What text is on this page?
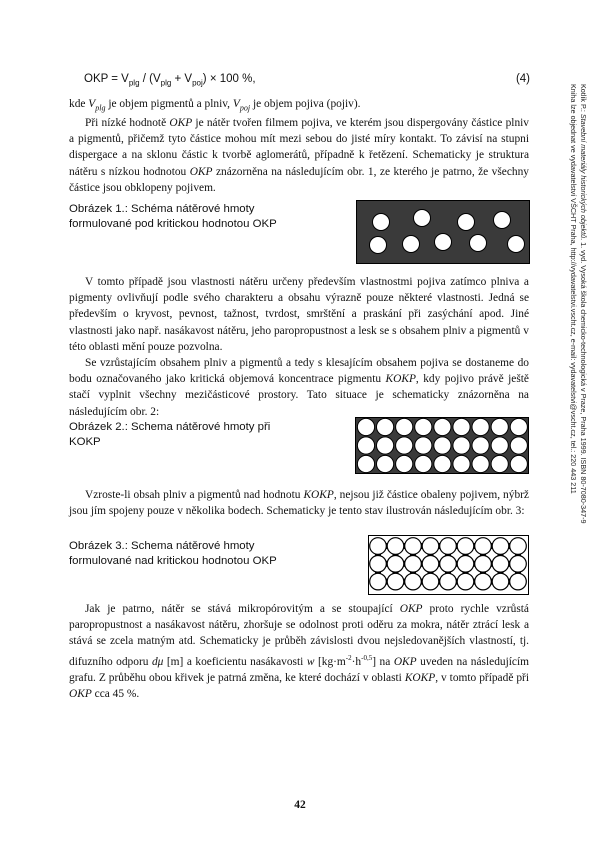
OKP = $V_{plg} / (V_{plg} + V_{poj}) \times 100$ %,	(4)

kde $V_{plg}$ je objem pigmentů a plniv, $V_{poj}$ je objem pojiva (pojiv).

Při nízké hodnotě OKP je nátěr tvořen filmem pojiva, ve kterém jsou dispergovány částice plniv a pigmentů, přičemž tyto částice mohou mít mezi sebou do jisté míry kontakt. To závisí na stupni dispergace a na sklonu částic k tvorbě aglomerátů, případně k řetězení. Schematicky je struktura nátěru s nízkou hodnotou OKP znázorněna na následujícím obr. 1, ze kterého je patrno, že všechny částice jsou obklopeny pojivem.

Obrázek 1.: Schéma nátěrové hmoty
formulované pod kritickou hodnotou OKP

V tomto případě jsou vlastnosti nátěru určeny především vlastnostmi pojiva zatímco plniva a pigmenty ovlivňují podle svého charakteru a obsahu výrazně pouze některé vlastnosti. Jedná se především o kryvost, pevnost, tažnost, tvrdost, smrštění a praskání při zasýchání apod. Jiné vlastnosti jako např. nasákavost nátěru, jeho paropropustnost a lesk se s obsahem plniv a pigmentů v této oblasti mění pouze pozvolna.

Se vzrůstajícím obsahem plniv a pigmentů a tedy s klesajícím obsahem pojiva se dostaneme do bodu označovaného jako kritická objemová koncentrace pigmentu KOKP, kdy pojivo právě ještě stačí vyplnit všechny mezičásticové prostory. Tato situace je schematicky znázorněna na následujícím obr. 2:

Obrázek 2.: Schema nátěrové hmoty při
KOKP

Vzroste-li obsah plniv a pigmentů nad hodnotu KOKP, nejsou již částice obaleny pojivem, nýbrž jsou jím spojeny pouze v několika bodech. Schematicky je tento stav ilustrován následujícím obr. 3:

Obrázek 3.: Schema nátěrové hmoty
formulované nad kritickou hodnotou OKP

Jak je patrno, nátěr se stává mikropórovitým a se stoupající OKP proto rychle vzrůstá paropropustnost a nasákavost nátěru, zhoršuje se odolnost proti oděru za mokra, nátěr ztrácí lesk a stává se zcela matným atd. Schematicky je průběh závislosti dvou nejsledovanějších vlastností, tj. difuzního odporu dμ [m] a koeficientu nasákavosti w $[kg\cdot m^{-2}\cdot h^{-0,5}]$ na OKP uveden na následujícím grafu. Z průběhu obou křivek je patrná změna, ke které dochází v oblasti KOKP, v tomto případě při OKP cca 45 %.

Kotlík P.: Stavební materiály historických objektů. 1. vyd. Vysoká škola chemicko-technologická v Praze, Praha 1999. ISBN 80-7080-347-9
Kniha lze objednat ve vydavatelství VŠCHT Praha, http://vydavatelstvi.vscht.cz, e-mail: vydavatelstvi@vscht.cz, tel.: 220 443 211
42
